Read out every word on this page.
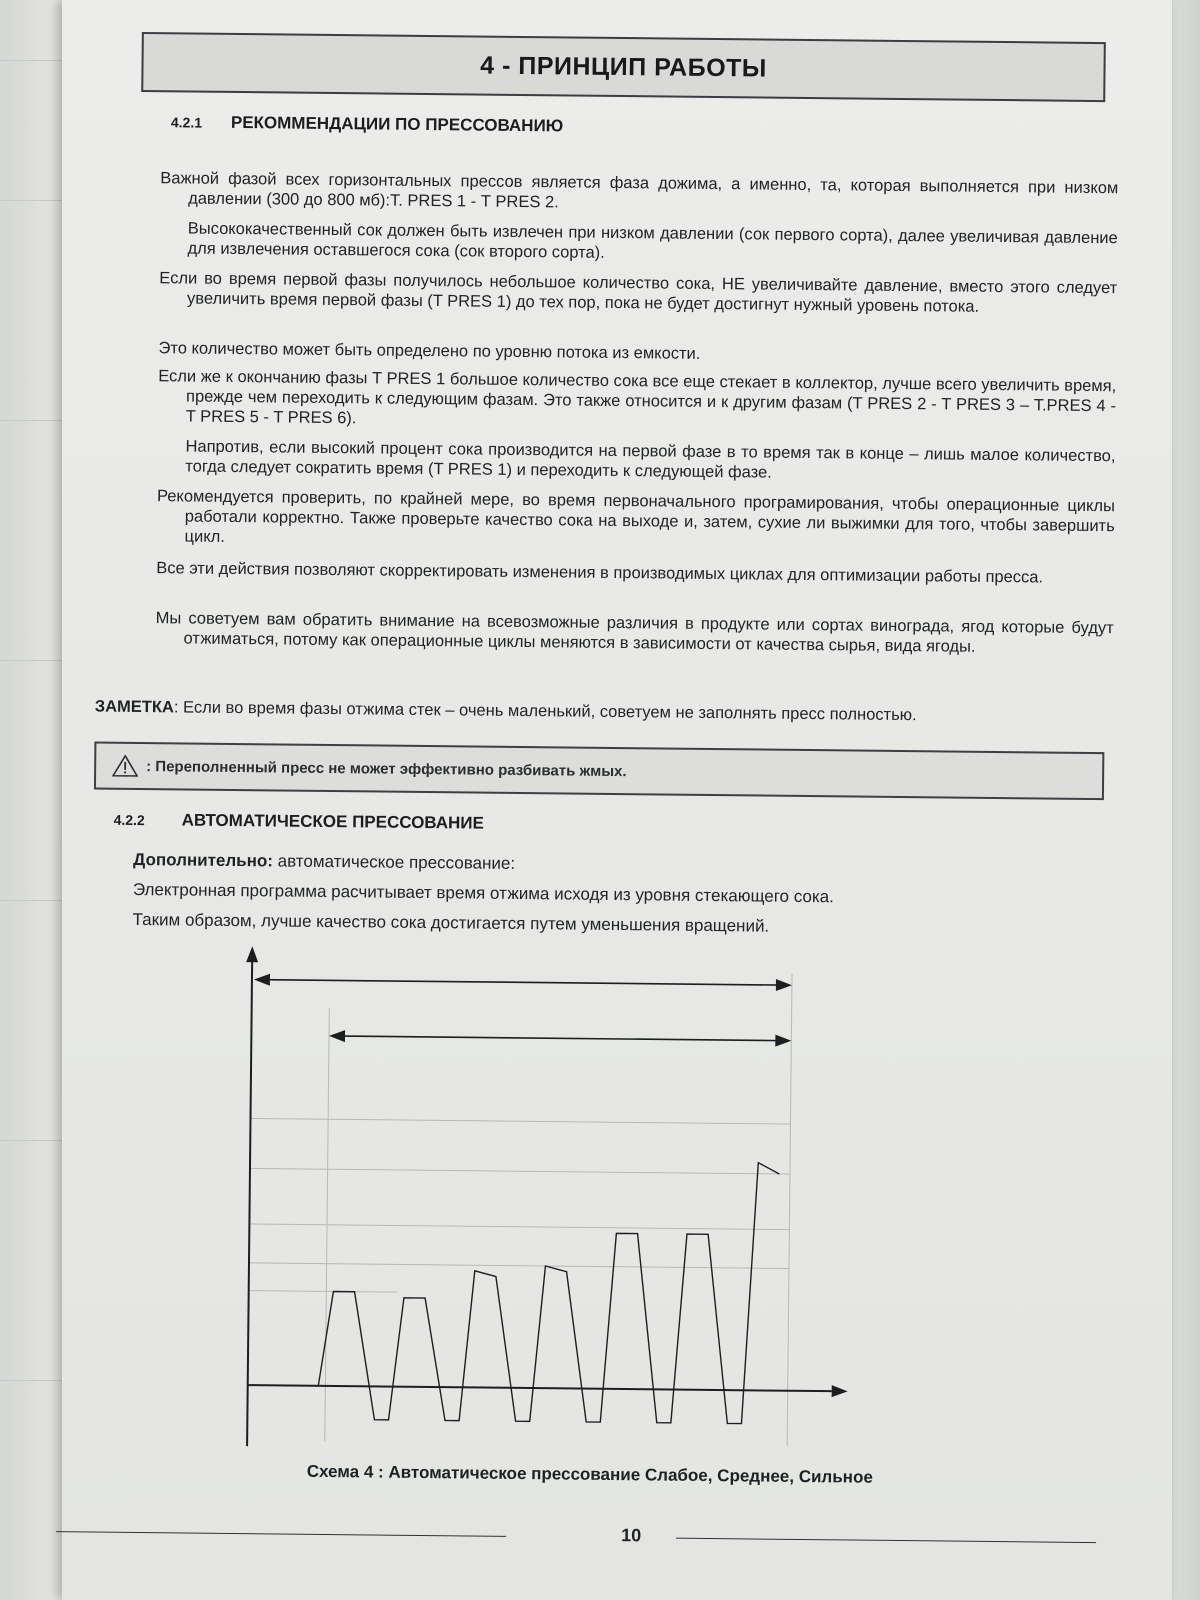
4 - ПРИНЦИП РАБОТЫ
4.2.1 РЕКОММЕНДАЦИИ ПО ПРЕССОВАНИЮ
Важной фазой всех горизонтальных прессов является фаза дожима, а именно, та, которая выполняется при низком давлении (300 до 800 мб):Т. PRES 1 - Т PRES 2.
Высококачественный сок должен быть извлечен при низком давлении (сок первого сорта), далее увеличивая давление для извлечения оставшегося сока (сок второго сорта).
Если во время первой фазы получилось небольшое количество сока, НЕ увеличивайте давление, вместо этого следует увеличить время первой фазы (T PRES 1) до тех пор, пока не будет достигнут нужный уровень потока.
Это количество может быть определено по уровню потока из емкости.
Если же к окончанию фазы T PRES 1 большое количество сока все еще стекает в коллектор, лучше всего увеличить время, прежде чем переходить к следующим фазам. Это также относится и к другим фазам (T PRES 2 - T PRES 3 – T.PRES 4 - T PRES 5 - T PRES 6).
Напротив, если высокий процент сока производится на первой фазе в то время так в конце – лишь малое количество, тогда следует сократить время (T PRES 1) и переходить к следующей фазе.
Рекомендуется проверить, по крайней мере, во время первоначального програмирования, чтобы операционные циклы работали корректно. Также проверьте качество сока на выходе и, затем, сухие ли выжимки для того, чтобы завершить цикл.
Все эти действия позволяют скорректировать изменения в производимых циклах для оптимизации работы пресса.
Мы советуем вам обратить внимание на всевозможные различия в продукте или сортах винограда, ягод которые будут отжиматься, потому как операционные циклы меняются в зависимости от качества сырья, вида ягоды.
ЗАМЕТКА: Если во время фазы отжима стек – очень маленький, советуем не заполнять пресс полностью.
: Переполненный пресс не может эффективно разбивать жмых.
4.2.2 АВТОМАТИЧЕСКОЕ ПРЕССОВАНИЕ
Дополнительно: автоматическое прессование:
Электронная программа расчитывает время отжима исходя из уровня стекающего сока.
Таким образом, лучше качество сока достигается путем уменьшения вращений.
Схема 4 : Автоматическое прессование Слабое, Среднее, Сильное
10
